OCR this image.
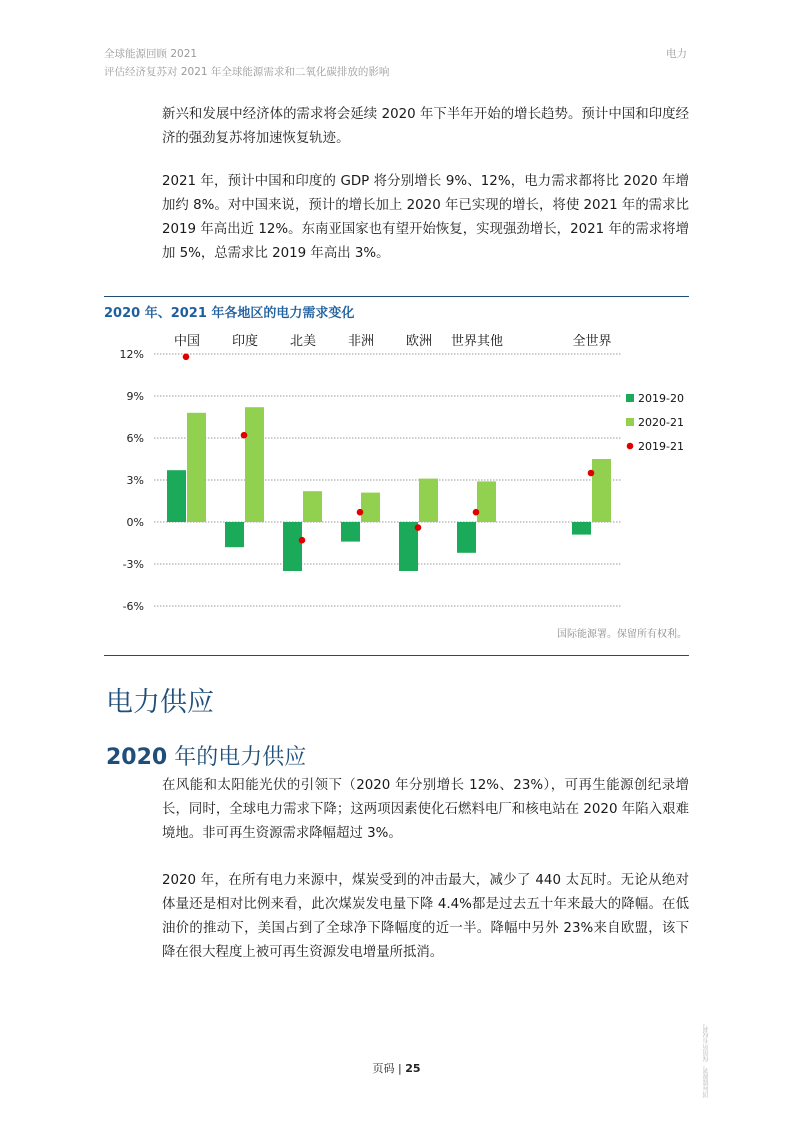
全球能源回顾 2021
评估经济复苏对 2021 年全球能源需求和二氧化碳排放的影响
电力

新兴和发展中经济体的需求将会延续 2020 年下半年开始的增长趋势。预计中国和印度经济的强劲复苏将加速恢复轨迹。

2021 年，预计中国和印度的 GDP 将分别增长 9%、12%，电力需求都将比 2020 年增加约 8%。对中国来说，预计的增长加上 2020 年已实现的增长，将使 2021 年的需求比 2019 年高出近 12%。东南亚国家也有望开始恢复，实现强劲增长，2021 年的需求将增加 5%，总需求比 2019 年高出 3%。

2020 年、2021 年各地区的电力需求变化
12%
9%
6%
3%
0%
-3%
-6%
中国 印度 北美 非洲 欧洲 世界其他	全世界
2019-20
2020-21
2019-21
国际能源署。保留所有权利。
电力供应
2020 年的电力供应

在风能和太阳能光伏的引领下（2020 年分别增长 12%、23%），可再生能源创纪录增长，同时，全球电力需求下降；这两项因素使化石燃料电厂和核电站在 2020 年陷入艰难境地。非可再生资源需求降幅超过 3%。

2020 年，在所有电力来源中，煤炭受到的冲击最大，减少了 440 太瓦时。无论从绝对体量还是相对比例来看，此次煤炭发电量下降 4.4%都是过去五十年来最大的降幅。在低油价的推动下，美国占到了全球净下降幅度的近一半。降幅中另外 23%来自欧盟，该下降在很大程度上被可再生资源发电增量所抵消。

页码 | 25	国际能源署。保留所有权利。
